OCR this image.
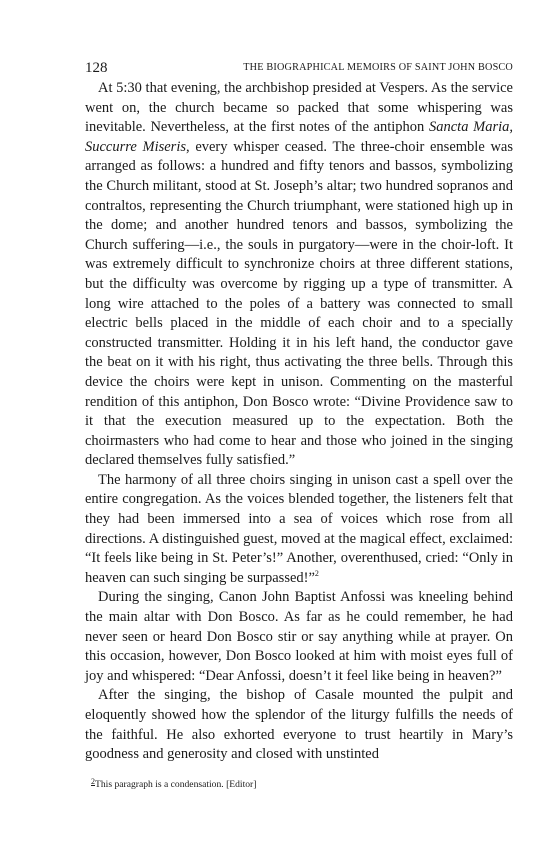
128	THE BIOGRAPHICAL MEMOIRS OF SAINT JOHN BOSCO

At 5:30 that evening, the archbishop presided at Vespers. As the service went on, the church became so packed that some whispering was inevitable. Nevertheless, at the first notes of the antiphon Sancta Maria, Succurre Miseris, every whisper ceased. The three-choir ensemble was arranged as follows: a hundred and fifty tenors and bassos, symbolizing the Church militant, stood at St. Joseph’s altar; two hundred sopranos and contraltos, representing the Church triumphant, were stationed high up in the dome; and another hundred tenors and bassos, symbolizing the Church suffering—i.e., the souls in purgatory—were in the choir-loft. It was extremely difficult to synchronize choirs at three different stations, but the difficulty was overcome by rigging up a type of transmitter. A long wire attached to the poles of a battery was connected to small electric bells placed in the middle of each choir and to a specially constructed transmitter. Holding it in his left hand, the conductor gave the beat on it with his right, thus activating the three bells. Through this device the choirs were kept in unison. Commenting on the masterful rendition of this antiphon, Don Bosco wrote: “Divine Providence saw to it that the execution measured up to the expectation. Both the choirmasters who had come to hear and those who joined in the singing declared themselves fully satisfied.”

The harmony of all three choirs singing in unison cast a spell over the entire congregation. As the voices blended together, the listeners felt that they had been immersed into a sea of voices which rose from all directions. A distinguished guest, moved at the magical effect, exclaimed: “It feels like being in St. Peter’s!” Another, overenthused, cried: “Only in heaven can such singing be surpassed!”$^2$

During the singing, Canon John Baptist Anfossi was kneeling behind the main altar with Don Bosco. As far as he could remember, he had never seen or heard Don Bosco stir or say anything while at prayer. On this occasion, however, Don Bosco looked at him with moist eyes full of joy and whispered: “Dear Anfossi, doesn’t it feel like being in heaven?”

After the singing, the bishop of Casale mounted the pulpit and eloquently showed how the splendor of the liturgy fulfills the needs of the faithful. He also exhorted everyone to trust heartily in Mary’s goodness and generosity and closed with unstinted

$^2$This paragraph is a condensation. [Editor]
